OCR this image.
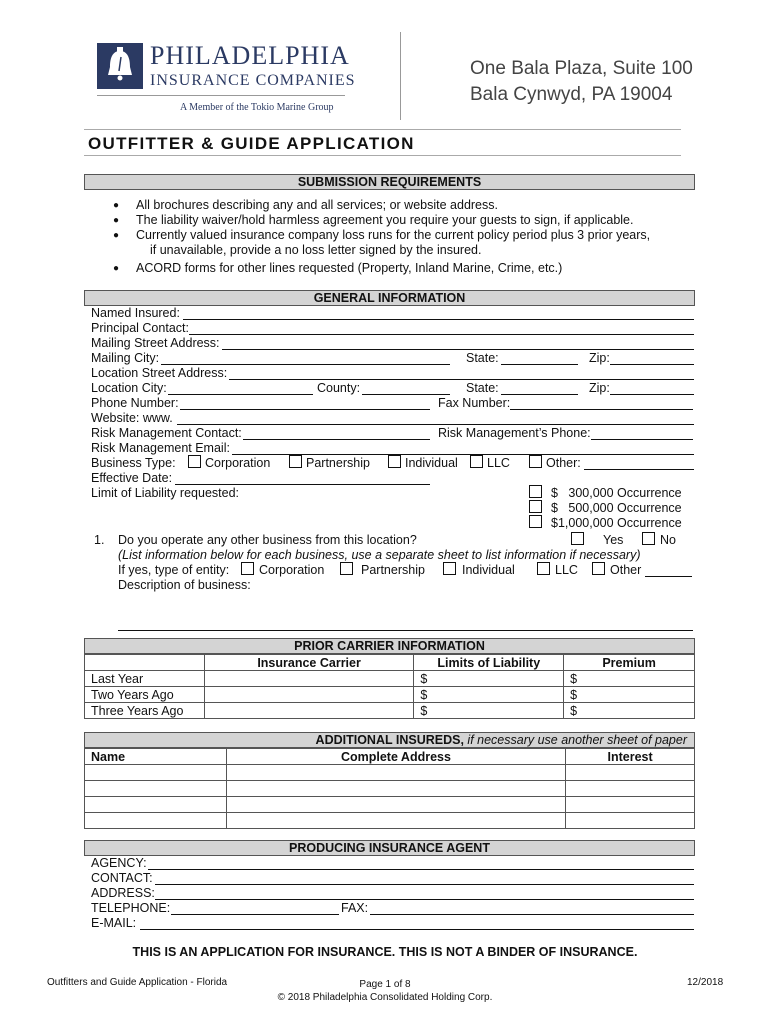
PHILADELPHIA
INSURANCE COMPANIES
A Member of the Tokio Marine Group
One Bala Plaza, Suite 100
Bala Cynwyd, PA 19004
OUTFITTER & GUIDE APPLICATION
SUBMISSION REQUIREMENTS
● All brochures describing any and all services; or website address.
● The liability waiver/hold harmless agreement you require your guests to sign, if applicable.
● Currently valued insurance company loss runs for the current policy period plus 3 prior years,
if unavailable, provide a no loss letter signed by the insured.
● ACORD forms for other lines requested (Property, Inland Marine, Crime, etc.)
GENERAL INFORMATION
Named Insured:
Principal Contact:
Mailing Street Address:
Mailing City:	State:	Zip:
Location Street Address:
Location City:	County:	State:	Zip:
Phone Number:	Fax Number:
Website: www.
Risk Management Contact:	Risk Management’s Phone:
Risk Management Email:
Business Type: Corporation	Partnership	Individual LLC	Other:
Effective Date:
Limit of Liability requested:	$   300,000 Occurrence
$   500,000 Occurrence
$1,000,000 Occurrence
1. Do you operate any other business from this location?	Yes	No
(List information below for each business, use a separate sheet to list information if necessary)
If yes, type of entity: Corporation	Partnership	Individual	LLC	Other
Description of business:
PRIOR CARRIER INFORMATION
	Insurance Carrier	Limits of Liability	Premium
Last Year		$	$
Two Years Ago		$	$
Three Years Ago		$	$
ADDITIONAL INSUREDS, if necessary use another sheet of paper
Name	Complete Address	Interest

PRODUCING INSURANCE AGENT
AGENCY:
CONTACT:
ADDRESS:
TELEPHONE:	FAX:
E-MAIL:
THIS IS AN APPLICATION FOR INSURANCE. THIS IS NOT A BINDER OF INSURANCE.
Outfitters and Guide Application - Florida	Page 1 of 8
© 2018 Philadelphia Consolidated Holding Corp.
12/2018
